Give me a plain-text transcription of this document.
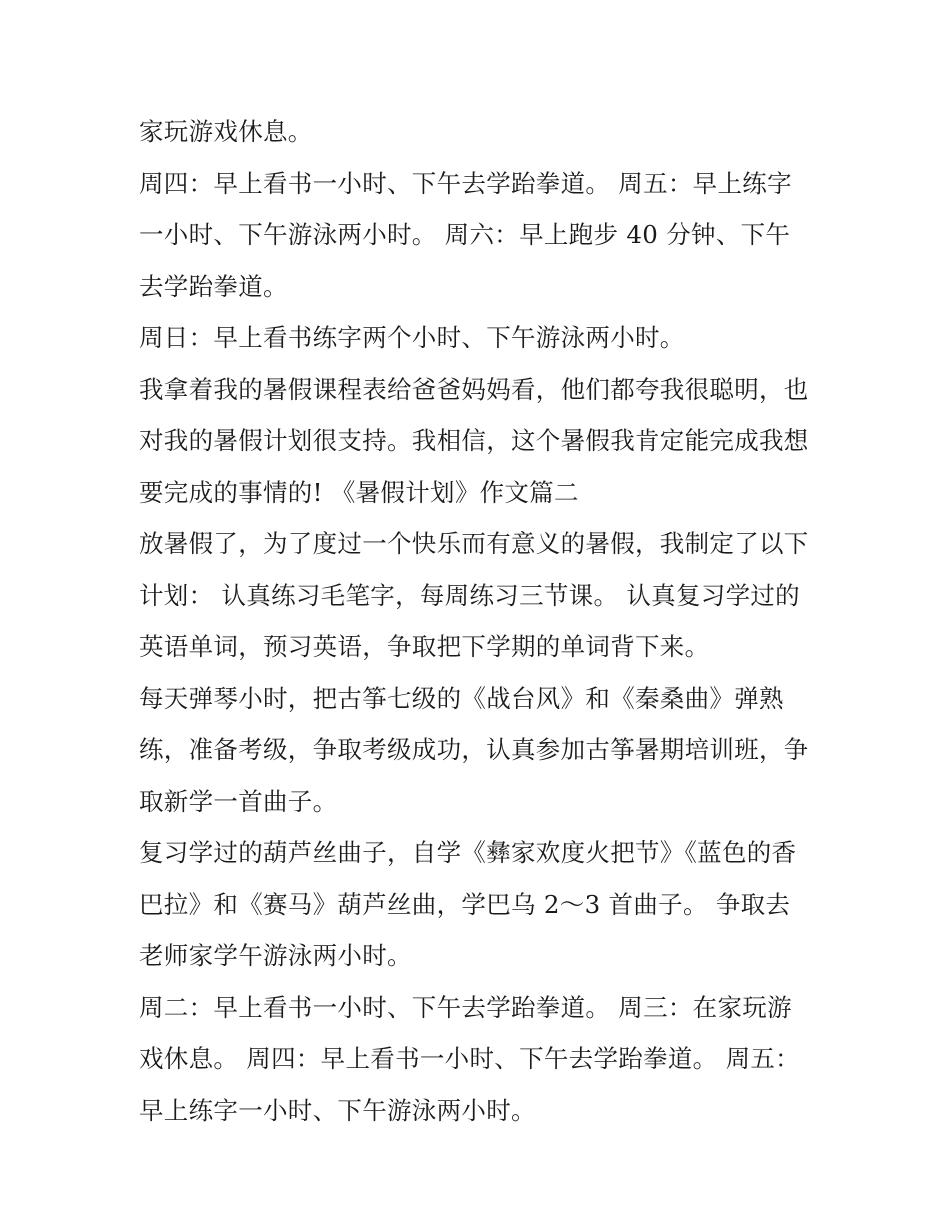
家玩游戏休息。

周四：早上看书一小时、下午去学跆拳道。 周五：早上练字一小时、下午游泳两小时。 周六：早上跑步 40 分钟、下午去学跆拳道。

周日：早上看书练字两个小时、下午游泳两小时。

我拿着我的暑假课程表给爸爸妈妈看，他们都夸我很聪明，也对我的暑假计划很支持。我相信，这个暑假我肯定能完成我想要完成的事情的! 《暑假计划》作文篇二

放暑假了，为了度过一个快乐而有意义的暑假，我制定了以下计划： 认真练习毛笔字，每周练习三节课。 认真复习学过的英语单词，预习英语，争取把下学期的单词背下来。

每天弹琴小时，把古筝七级的《战台风》和《秦桑曲》弹熟练，准备考级，争取考级成功，认真参加古筝暑期培训班，争取新学一首曲子。

复习学过的葫芦丝曲子，自学《彝家欢度火把节》《蓝色的香巴拉》和《赛马》葫芦丝曲，学巴乌 2～3 首曲子。 争取去老师家学午游泳两小时。

周二：早上看书一小时、下午去学跆拳道。 周三：在家玩游戏休息。 周四：早上看书一小时、下午去学跆拳道。 周五：早上练字一小时、下午游泳两小时。
